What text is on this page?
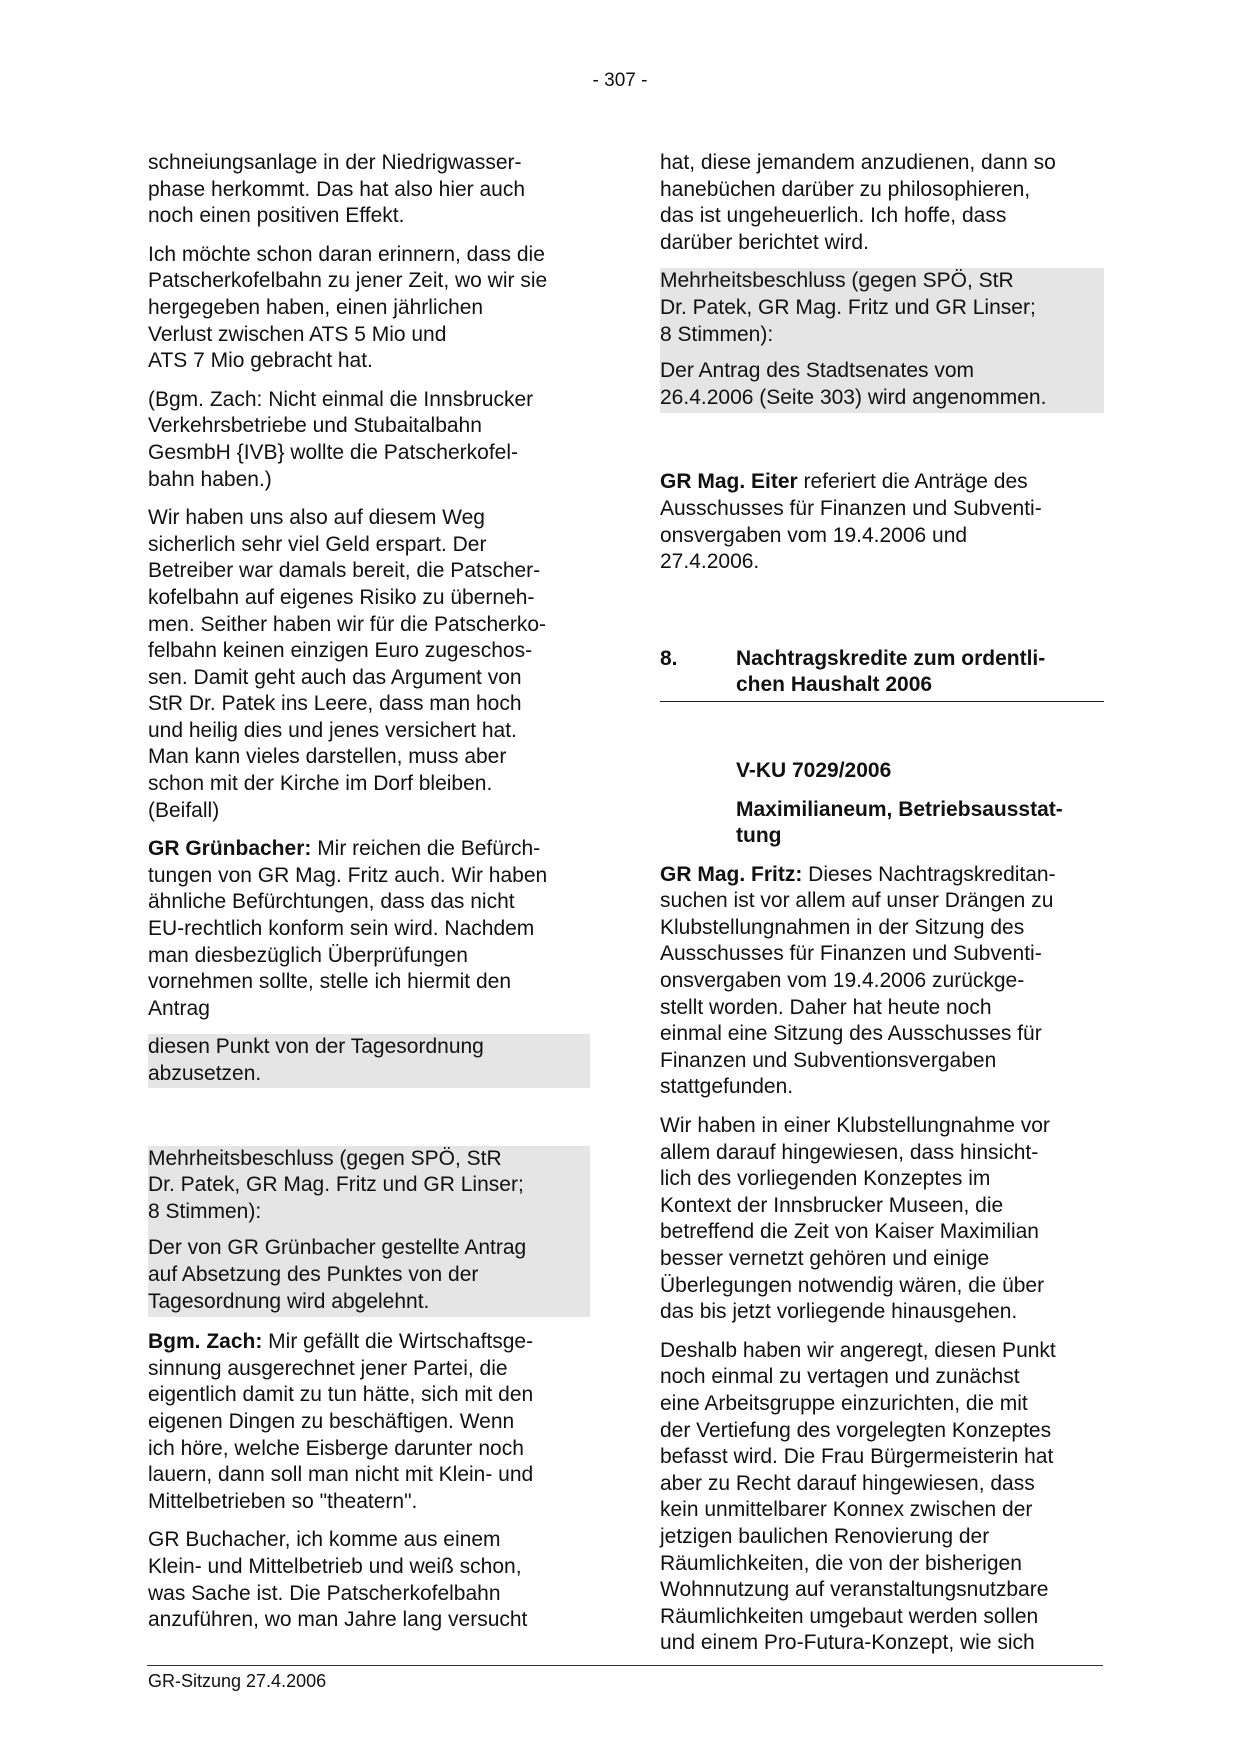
- 307 -
schneiungsanlage in der Niedrigwasser-
phase herkommt. Das hat also hier auch
noch einen positiven Effekt.
Ich möchte schon daran erinnern, dass die
Patscherkofelbahn zu jener Zeit, wo wir sie
hergegeben haben, einen jährlichen
Verlust zwischen ATS 5 Mio und
ATS 7 Mio gebracht hat.
(Bgm. Zach: Nicht einmal die Innsbrucker
Verkehrsbetriebe und Stubaitalbahn
GesmbH {IVB} wollte die Patscherkofel-
bahn haben.)
Wir haben uns also auf diesem Weg
sicherlich sehr viel Geld erspart. Der
Betreiber war damals bereit, die Patscher-
kofelbahn auf eigenes Risiko zu überneh-
men. Seither haben wir für die Patscherko-
felbahn keinen einzigen Euro zugeschos-
sen. Damit geht auch das Argument von
StR Dr. Patek ins Leere, dass man hoch
und heilig dies und jenes versichert hat.
Man kann vieles darstellen, muss aber
schon mit der Kirche im Dorf bleiben.
(Beifall)
GR Grünbacher: Mir reichen die Befürch-
tungen von GR Mag. Fritz auch. Wir haben
ähnliche Befürchtungen, dass das nicht
EU-rechtlich konform sein wird. Nachdem
man diesbezüglich Überprüfungen
vornehmen sollte, stelle ich hiermit den
Antrag
diesen Punkt von der Tagesordnung
abzusetzen.
Mehrheitsbeschluss (gegen SPÖ, StR
Dr. Patek, GR Mag. Fritz und GR Linser;
8 Stimmen):
Der von GR Grünbacher gestellte Antrag
auf Absetzung des Punktes von der
Tagesordnung wird abgelehnt.
Bgm. Zach: Mir gefällt die Wirtschaftsge-
sinnung ausgerechnet jener Partei, die
eigentlich damit zu tun hätte, sich mit den
eigenen Dingen zu beschäftigen. Wenn
ich höre, welche Eisberge darunter noch
lauern, dann soll man nicht mit Klein- und
Mittelbetrieben so "theatern".
GR Buchacher, ich komme aus einem
Klein- und Mittelbetrieb und weiß schon,
was Sache ist. Die Patscherkofelbahn
anzuführen, wo man Jahre lang versucht
hat, diese jemandem anzudienen, dann so
hanebüchen darüber zu philosophieren,
das ist ungeheuerlich. Ich hoffe, dass
darüber berichtet wird.
Mehrheitsbeschluss (gegen SPÖ, StR
Dr. Patek, GR Mag. Fritz und GR Linser;
8 Stimmen):
Der Antrag des Stadtsenates vom
26.4.2006 (Seite 303) wird angenommen.
GR Mag. Eiter referiert die Anträge des
Ausschusses für Finanzen und Subventi-
onsvergaben vom 19.4.2006 und
27.4.2006.
8.	Nachtragskredite zum ordentli-
chen Haushalt 2006
V-KU 7029/2006
Maximilianeum, Betriebsausstat-
tung
GR Mag. Fritz: Dieses Nachtragskreditan-
suchen ist vor allem auf unser Drängen zu
Klubstellungnahmen in der Sitzung des
Ausschusses für Finanzen und Subventi-
onsvergaben vom 19.4.2006 zurückge-
stellt worden. Daher hat heute noch
einmal eine Sitzung des Ausschusses für
Finanzen und Subventionsvergaben
stattgefunden.
Wir haben in einer Klubstellungnahme vor
allem darauf hingewiesen, dass hinsicht-
lich des vorliegenden Konzeptes im
Kontext der Innsbrucker Museen, die
betreffend die Zeit von Kaiser Maximilian
besser vernetzt gehören und einige
Überlegungen notwendig wären, die über
das bis jetzt vorliegende hinausgehen.
Deshalb haben wir angeregt, diesen Punkt
noch einmal zu vertagen und zunächst
eine Arbeitsgruppe einzurichten, die mit
der Vertiefung des vorgelegten Konzeptes
befasst wird. Die Frau Bürgermeisterin hat
aber zu Recht darauf hingewiesen, dass
kein unmittelbarer Konnex zwischen der
jetzigen baulichen Renovierung der
Räumlichkeiten, die von der bisherigen
Wohnnutzung auf veranstaltungsnutzbare
Räumlichkeiten umgebaut werden sollen
und einem Pro-Futura-Konzept, wie sich
GR-Sitzung 27.4.2006
